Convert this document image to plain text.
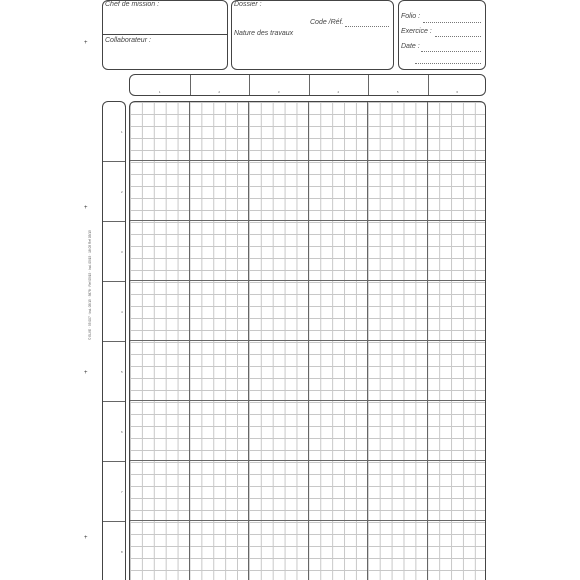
Chef de mission :
Collaborateur :
Dossier :
Code /Réf.
Nature des travaux
Folio :
Exercice :
Date :
1	2	3	4	5	6
1
2
3
4
5
6
7
8
© ELVE · 55 007 · Ind. 05/15 · 3878 · Ref 05/15 · Ind. 05/15 · 18 05 Ref 05/15
+
+
+
+
